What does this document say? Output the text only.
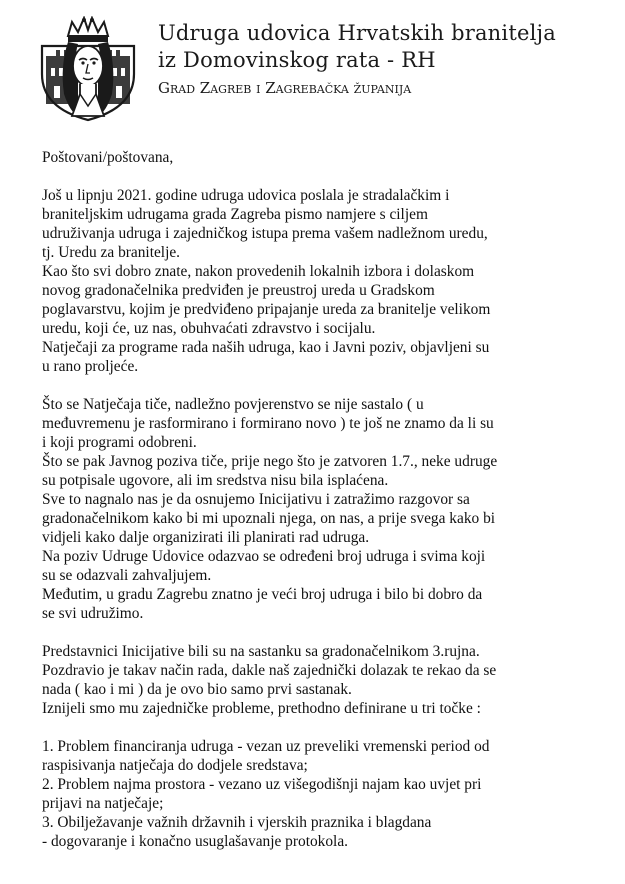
Udruga udovica Hrvatskih branitelja
iz Domovinskog rata - RH
Grad Zagreb i Zagrebačka županija

Poštovani/poštovana,

Još u lipnju 2021. godine udruga udovica poslala je stradalačkim i

braniteljskim udrugama grada Zagreba pismo namjere s ciljem

udruživanja udruga i zajedničkog istupa prema vašem nadležnom uredu,

tj. Uredu za branitelje.

Kao što svi dobro znate, nakon provedenih lokalnih izbora i dolaskom

novog gradonačelnika predviđen je preustroj ureda u Gradskom

poglavarstvu, kojim je predviđeno pripajanje ureda za branitelje velikom

uredu, koji će, uz nas, obuhvaćati zdravstvo i socijalu.

Natječaji za programe rada naših udruga, kao i Javni poziv, objavljeni su

u rano proljeće.

Što se Natječaja tiče, nadležno povjerenstvo se nije sastalo ( u

međuvremenu je rasformirano i formirano novo ) te još ne znamo da li su

i koji programi odobreni.

Što se pak Javnog poziva tiče, prije nego što je zatvoren 1.7., neke udruge

su potpisale ugovore, ali im sredstva nisu bila isplaćena.

Sve to nagnalo nas je da osnujemo Inicijativu i zatražimo razgovor sa

gradonačelnikom kako bi mi upoznali njega, on nas, a prije svega kako bi

vidjeli kako dalje organizirati ili planirati rad udruga.

Na poziv Udruge Udovice odazvao se određeni broj udruga i svima koji

su se odazvali zahvaljujem.

Međutim, u gradu Zagrebu znatno je veći broj udruga i bilo bi dobro da

se svi udružimo.

Predstavnici Inicijative bili su na sastanku sa gradonačelnikom 3.rujna.

Pozdravio je takav način rada, dakle naš zajednički dolazak te rekao da se

nada ( kao i mi ) da je ovo bio samo prvi sastanak.

Iznijeli smo mu zajedničke probleme, prethodno definirane u tri točke :

1. Problem financiranja udruga - vezan uz preveliki vremenski period od

raspisivanja natječaja do dodjele sredstava;

2. Problem najma prostora - vezano uz višegodišnji najam kao uvjet pri

prijavi na natječaje;

3. Obilježavanje važnih državnih i vjerskih praznika i blagdana

- dogovaranje i konačno usuglašavanje protokola.
